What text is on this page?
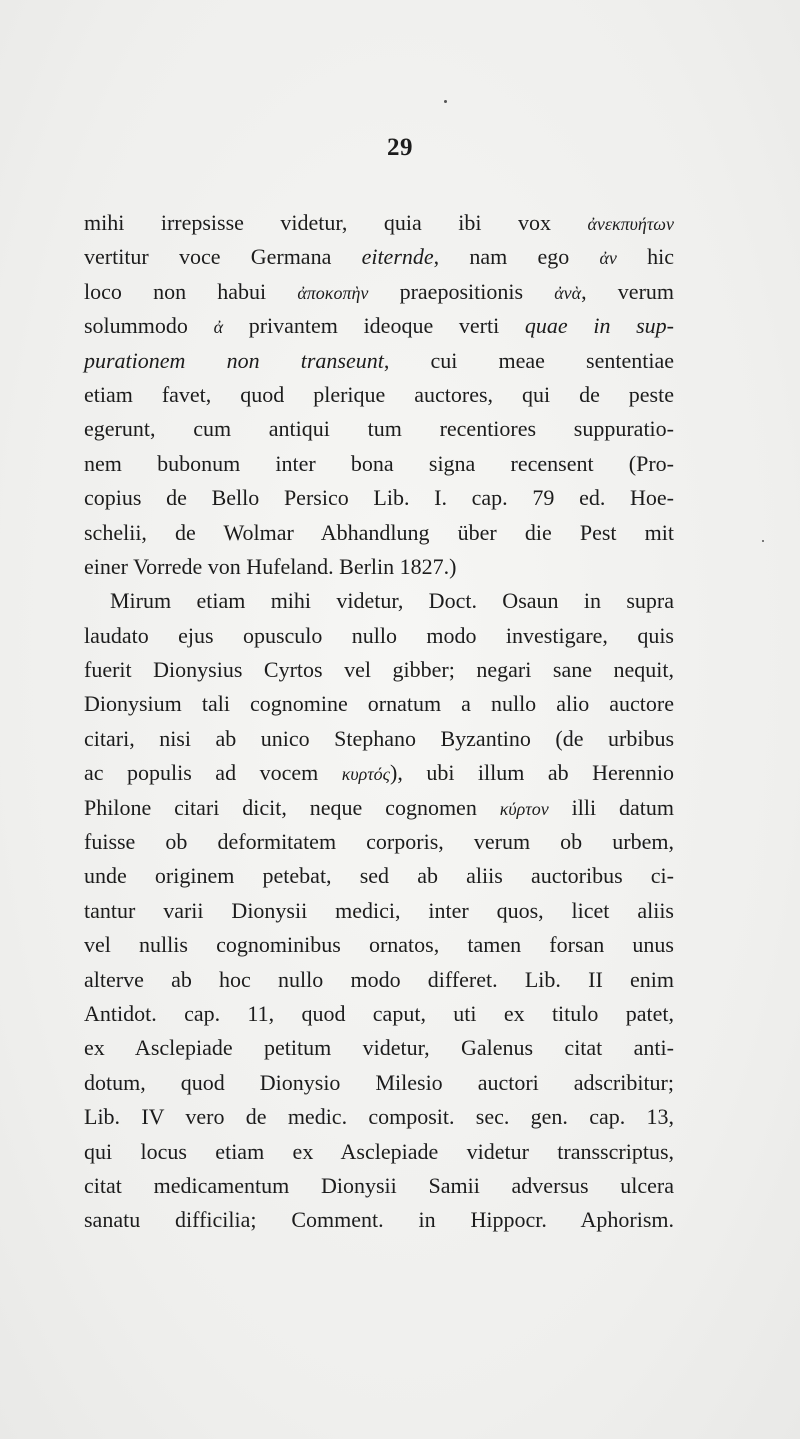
29
mihi irrepsisse videtur, quia ibi vox ἀνεκπυήτων
vertitur voce Germana eiternde, nam ego ἀν hic
loco non habui ἀποκοπὴν praepositionis ἀνὰ, verum
solummodo ἀ privantem ideoque verti quae in sup-
purationem non transeunt, cui meae sententiae
etiam favet, quod plerique auctores, qui de peste
egerunt, cum antiqui tum recentiores suppuratio-
nem bubonum inter bona signa recensent (Pro-
copius de Bello Persico Lib. I. cap. 79 ed. Hoe-
schelii, de Wolmar Abhandlung über die Pest mit
einer Vorrede von Hufeland. Berlin 1827.)
Mirum etiam mihi videtur, Doct. Osaun in supra
laudato ejus opusculo nullo modo investigare, quis
fuerit Dionysius Cyrtos vel gibber; negari sane nequit,
Dionysium tali cognomine ornatum a nullo alio auctore
citari, nisi ab unico Stephano Byzantino (de urbibus
ac populis ad vocem κυρτός), ubi illum ab Herennio
Philone citari dicit, neque cognomen κύρτον illi datum
fuisse ob deformitatem corporis, verum ob urbem,
unde originem petebat, sed ab aliis auctoribus ci-
tantur varii Dionysii medici, inter quos, licet aliis
vel nullis cognominibus ornatos, tamen forsan unus
alterve ab hoc nullo modo differet. Lib. II enim
Antidot. cap. 11, quod caput, uti ex titulo patet,
ex Asclepiade petitum videtur, Galenus citat anti-
dotum, quod Dionysio Milesio auctori adscribitur;
Lib. IV vero de medic. composit. sec. gen. cap. 13,
qui locus etiam ex Asclepiade videtur transscriptus,
citat medicamentum Dionysii Samii adversus ulcera
sanatu difficilia; Comment. in Hippocr. Aphorism.
